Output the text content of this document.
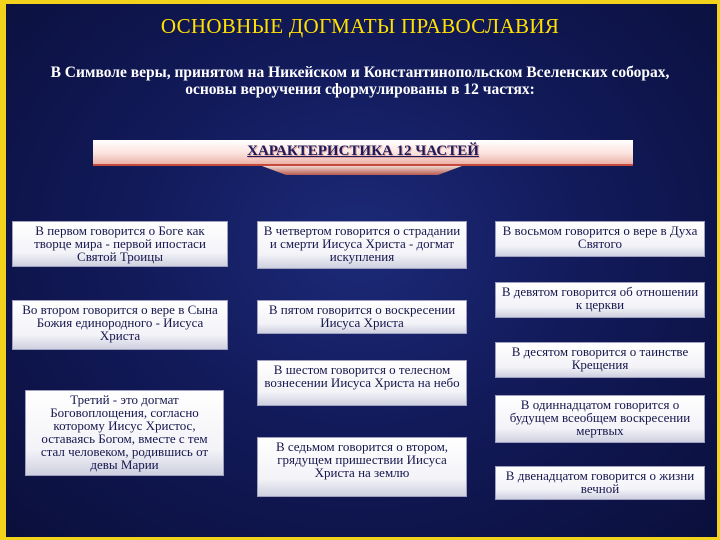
ОСНОВНЫЕ ДОГМАТЫ ПРАВОСЛАВИЯ
В Символе веры, принятом на Никейском и Константинопольском Вселенских соборах, основы вероучения сформулированы в 12 частях:
ХАРАКТЕРИСТИКА 12 ЧАСТЕЙ
В первом говорится о Боге как творце мира - первой ипостаси Святой Троицы
Во втором говорится о вере в Сына Божия единородного - Иисуса Христа
Третий - это догмат Боговоплощения, согласно которому Иисус Христос, оставаясь Богом, вместе с тем стал человеком, родившись от девы Марии
В четвертом говорится о страдании и смерти Иисуса Христа - догмат искупления
В пятом говорится о воскресении Иисуса Христа
В шестом говорится о телесном вознесении Иисуса Христа на небо
В седьмом говорится о втором, грядущем пришествии Иисуса Христа на землю
В восьмом говорится о вере в Духа Святого
В девятом говорится об отношении к церкви
В десятом говорится о таинстве Крещения
В одиннадцатом говорится о будущем всеобщем воскресении мертвых
В двенадцатом говорится о жизни вечной
